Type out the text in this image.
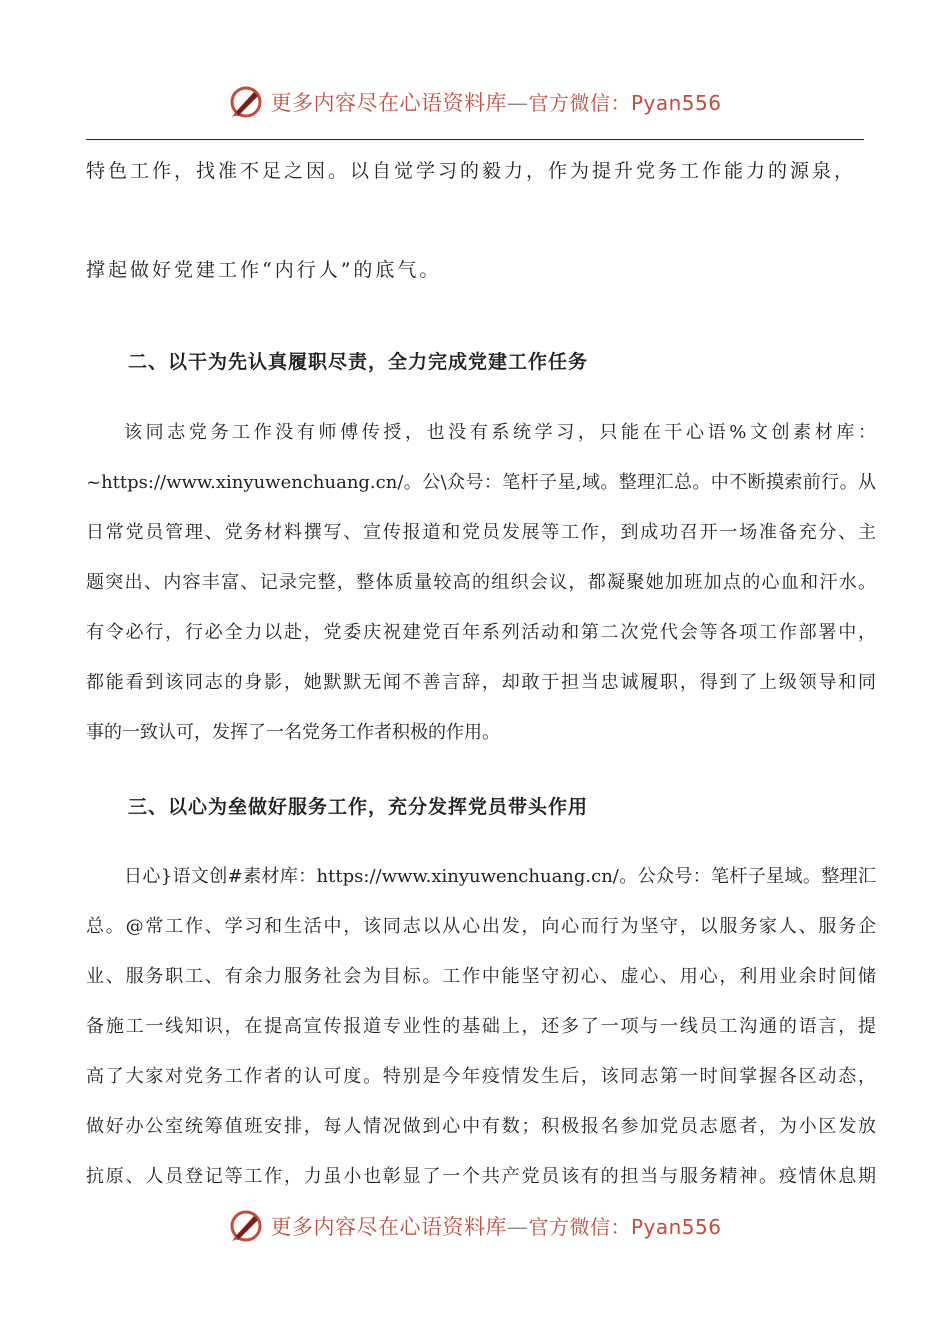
更多内容尽在心语资料库—官方微信：Pyan556
特色工作，找准不足之因。以自觉学习的毅力，作为提升党务工作能力的源泉，
撑起做好党建工作“内行人”的底气。
二、以干为先认真履职尽责，全力完成党建工作任务
该同志党务工作没有师傅传授，也没有系统学习，只能在干心语%文创素材库：
~https://www.xinyuwenchuang.cn/。公\众号：笔杆子星,域。整理汇总。中不断摸索前行。从
日常党员管理、党务材料撰写、宣传报道和党员发展等工作，到成功召开一场准备充分、主
题突出、内容丰富、记录完整，整体质量较高的组织会议，都凝聚她加班加点的心血和汗水。
有令必行，行必全力以赴，党委庆祝建党百年系列活动和第二次党代会等各项工作部署中，
都能看到该同志的身影，她默默无闻不善言辞，却敢于担当忠诚履职，得到了上级领导和同
事的一致认可，发挥了一名党务工作者积极的作用。
三、以心为垒做好服务工作，充分发挥党员带头作用
日心}语文创#素材库：https://www.xinyuwenchuang.cn/。公众号：笔杆子星域。整理汇
总。@常工作、学习和生活中，该同志以从心出发，向心而行为坚守，以服务家人、服务企
业、服务职工、有余力服务社会为目标。工作中能坚守初心、虚心、用心，利用业余时间储
备施工一线知识，在提高宣传报道专业性的基础上，还多了一项与一线员工沟通的语言，提
高了大家对党务工作者的认可度。特别是今年疫情发生后，该同志第一时间掌握各区动态，
做好办公室统筹值班安排，每人情况做到心中有数；积极报名参加党员志愿者，为小区发放
抗原、人员登记等工作，力虽小也彰显了一个共产党员该有的担当与服务精神。疫情休息期
更多内容尽在心语资料库—官方微信：Pyan556
